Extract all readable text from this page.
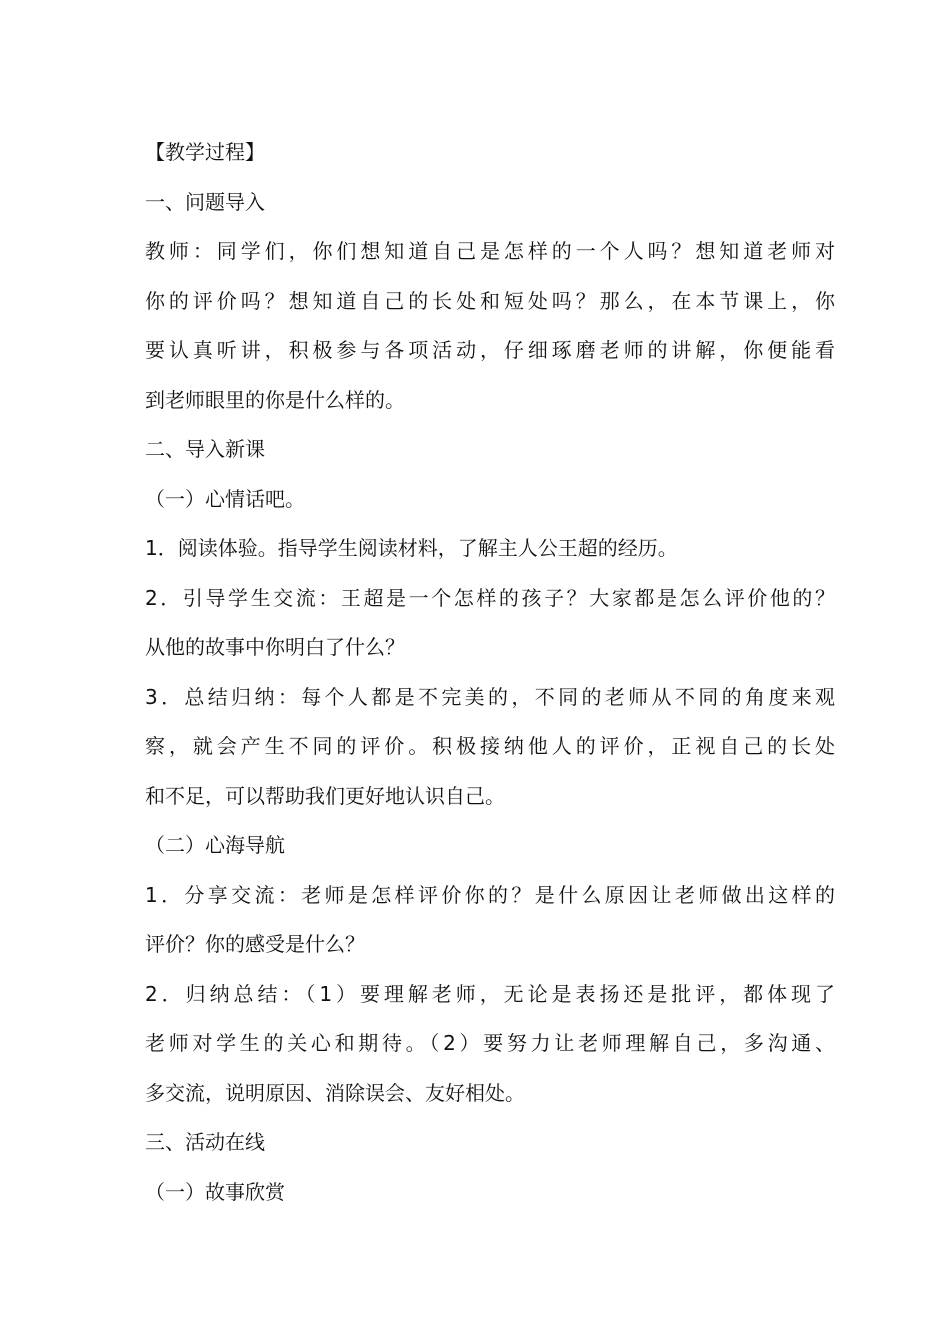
【教学过程】
一、问题导入
教师：同学们，你们想知道自己是怎样的一个人吗？想知道老师对
你的评价吗？想知道自己的长处和短处吗？那么，在本节课上，你
要认真听讲，积极参与各项活动，仔细琢磨老师的讲解，你便能看
到老师眼里的你是什么样的。
二、导入新课
（一）心情话吧。
1．阅读体验。指导学生阅读材料，了解主人公王超的经历。
2．引导学生交流：王超是一个怎样的孩子？大家都是怎么评价他的？
从他的故事中你明白了什么？
3．总结归纳：每个人都是不完美的，不同的老师从不同的角度来观
察，就会产生不同的评价。积极接纳他人的评价，正视自己的长处
和不足，可以帮助我们更好地认识自己。
（二）心海导航
1．分享交流：老师是怎样评价你的？是什么原因让老师做出这样的
评价？你的感受是什么？
2．归纳总结：（1）要理解老师，无论是表扬还是批评，都体现了
老师对学生的关心和期待。（2）要努力让老师理解自己，多沟通、
多交流，说明原因、消除误会、友好相处。
三、活动在线
（一）故事欣赏
